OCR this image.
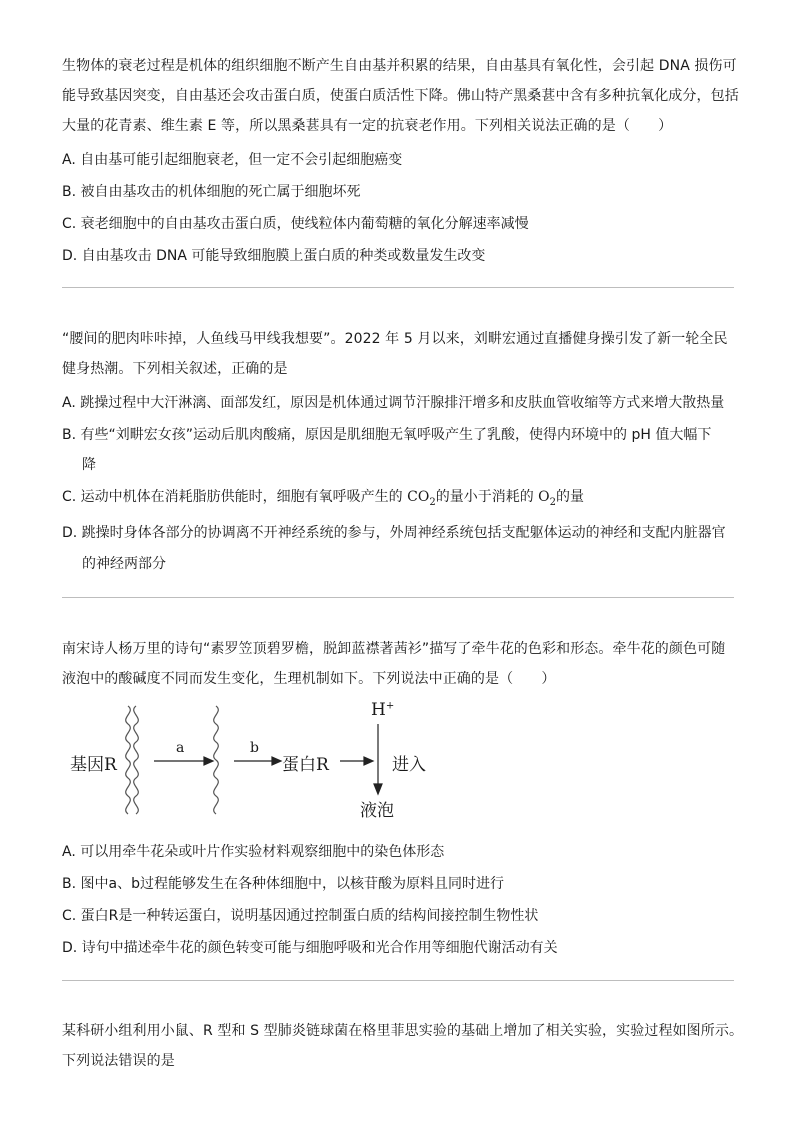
生物体的衰老过程是机体的组织细胞不断产生自由基并积累的结果，自由基具有氧化性，会引起 DNA 损伤可
能导致基因突变，自由基还会攻击蛋白质，使蛋白质活性下降。佛山特产黑桑葚中含有多种抗氧化成分，包括
大量的花青素、维生素 E 等，所以黑桑葚具有一定的抗衰老作用。下列相关说法正确的是（　　）
A. 自由基可能引起细胞衰老，但一定不会引起细胞癌变
B. 被自由基攻击的机体细胞的死亡属于细胞坏死
C. 衰老细胞中的自由基攻击蛋白质，使线粒体内葡萄糖的氧化分解速率减慢
D. 自由基攻击 DNA 可能导致细胞膜上蛋白质的种类或数量发生改变
“腰间的肥肉咔咔掉，人鱼线马甲线我想要”。2022 年 5 月以来，刘畊宏通过直播健身操引发了新一轮全民
健身热潮。下列相关叙述，正确的是
A. 跳操过程中大汗淋漓、面部发红，原因是机体通过调节汗腺排汗增多和皮肤血管收缩等方式来增大散热量
B. 有些“刘畊宏女孩”运动后肌肉酸痛，原因是肌细胞无氧呼吸产生了乳酸，使得内环境中的 pH 值大幅下
降
C. 运动中机体在消耗脂肪供能时，细胞有氧呼吸产生的 $CO_2$的量小于消耗的 $O_2$的量
D. 跳操时身体各部分的协调离不开神经系统的参与，外周神经系统包括支配躯体运动的神经和支配内脏器官
的神经两部分
南宋诗人杨万里的诗句“素罗笠顶碧罗檐，脱卸蓝襟著茜衫”描写了牵牛花的色彩和形态。牵牛花的颜色可随
液泡中的酸碱度不同而发生变化，生理机制如下。下列说法中正确的是（　　）
基因R
a	b
蛋白R
H+
进入
液泡
A. 可以用牵牛花朵或叶片作实验材料观察细胞中的染色体形态
B. 图中a、b过程能够发生在各种体细胞中，以核苷酸为原料且同时进行
C. 蛋白R是一种转运蛋白，说明基因通过控制蛋白质的结构间接控制生物性状
D. 诗句中描述牵牛花的颜色转变可能与细胞呼吸和光合作用等细胞代谢活动有关
某科研小组利用小鼠、R 型和 S 型肺炎链球菌在格里菲思实验的基础上增加了相关实验，实验过程如图所示。
下列说法错误的是
